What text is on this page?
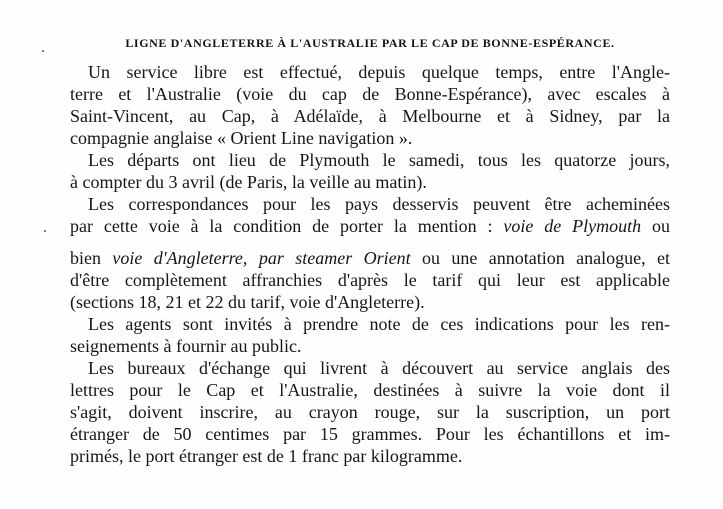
LIGNE D'ANGLETERRE À L'AUSTRALIE PAR LE CAP DE BONNE-ESPÉRANCE.
Un service libre est effectué, depuis quelque temps, entre l'Angle-
terre et l'Australie (voie du cap de Bonne-Espérance), avec escales à
Saint-Vincent, au Cap, à Adélaïde, à Melbourne et à Sidney, par la
compagnie anglaise « Orient Line navigation ».
Les départs ont lieu de Plymouth le samedi, tous les quatorze jours,
à compter du 3 avril (de Paris, la veille au matin).
Les correspondances pour les pays desservis peuvent être acheminées
par cette voie à la condition de porter la mention : voie de Plymouth ou
bien voie d'Angleterre, par steamer Orient ou une annotation analogue, et
d'être complètement affranchies d'après le tarif qui leur est applicable
(sections 18, 21 et 22 du tarif, voie d'Angleterre).
Les agents sont invités à prendre note de ces indications pour les ren-
seignements à fournir au public.
Les bureaux d'échange qui livrent à découvert au service anglais des
lettres pour le Cap et l'Australie, destinées à suivre la voie dont il
s'agit, doivent inscrire, au crayon rouge, sur la suscription, un port
étranger de 50 centimes par 15 grammes. Pour les échantillons et im-
primés, le port étranger est de 1 franc par kilogramme.
